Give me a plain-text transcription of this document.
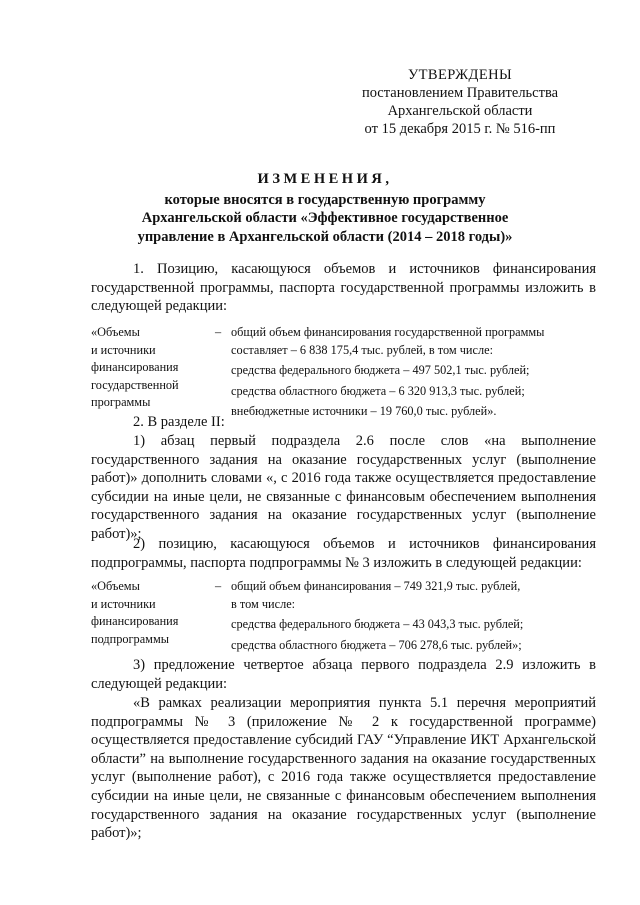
УТВЕРЖДЕНЫ
постановлением Правительства
Архангельской области
от 15 декабря 2015 г. № 516-пп
ИЗМЕНЕНИЯ,
которые вносятся в государственную программу
Архангельской области «Эффективное государственное
управление в Архангельской области (2014 – 2018 годы)»
1. Позицию, касающуюся объемов и источников финансирования государственной программы, паспорта государственной программы изложить в следующей редакции:
«Объемы
и источники
финансирования
государственной
программы
– общий объем финансирования государственной программы
составляет – 6 838 175,4 тыс. рублей, в том числе:
средства федерального бюджета – 497 502,1 тыс. рублей;
средства областного бюджета – 6 320 913,3 тыс. рублей;
внебюджетные источники – 19 760,0 тыс. рублей».
2. В разделе II:
1) абзац первый подраздела 2.6 после слов «на выполнение государственного задания на оказание государственных услуг (выполнение работ)» дополнить словами «, с 2016 года также осуществляется предоставление субсидии на иные цели, не связанные с финансовым обеспечением выполнения государственного задания на оказание государственных услуг (выполнение работ)»;
2) позицию, касающуюся объемов и источников финансирования подпрограммы, паспорта подпрограммы № 3 изложить в следующей редакции:
«Объемы
и источники
финансирования
подпрограммы
– общий объем финансирования – 749 321,9 тыс. рублей,
в том числе:
средства федерального бюджета – 43 043,3 тыс. рублей;
средства областного бюджета – 706 278,6 тыс. рублей»;
3) предложение четвертое абзаца первого подраздела 2.9 изложить в следующей редакции:
«В рамках реализации мероприятия пункта 5.1 перечня мероприятий подпрограммы № 3 (приложение № 2 к государственной программе) осуществляется предоставление субсидий ГАУ “Управление ИКТ Архангельской области” на выполнение государственного задания на оказание государственных услуг (выполнение работ), с 2016 года также осуществляется предоставление субсидии на иные цели, не связанные с финансовым обеспечением выполнения государственного задания на оказание государственных услуг (выполнение работ)»;
